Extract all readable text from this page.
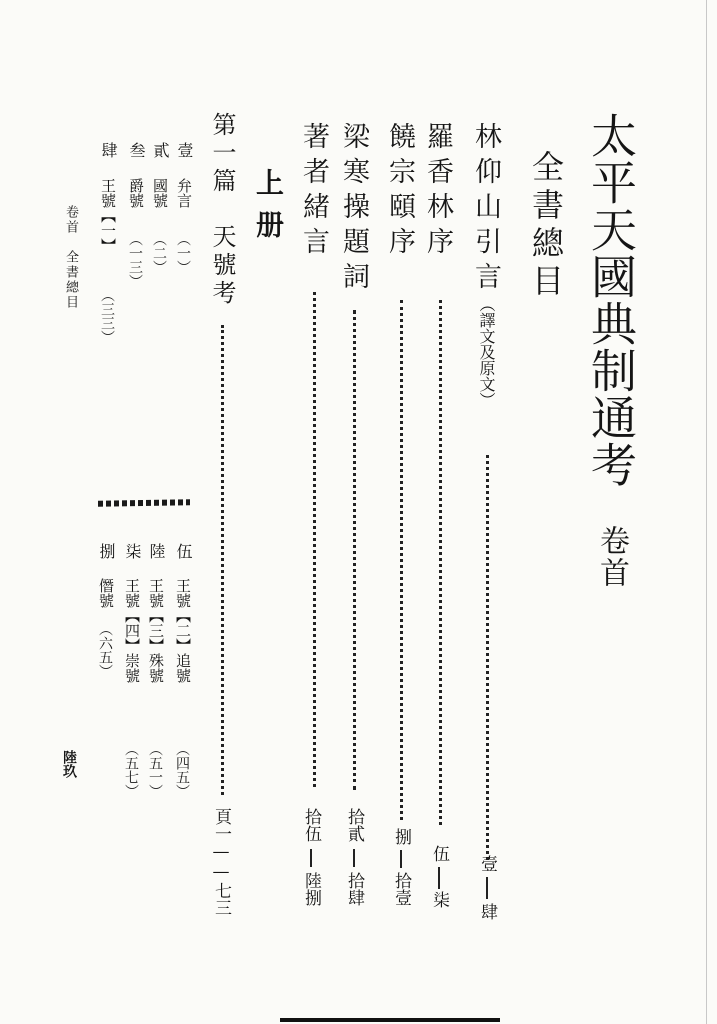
太平天國典制通考
卷首
全書總目
林仰山引言
（譯文及原文）
壹
肆
羅香林序
伍
柒
饒宗頤序
捌
拾壹
梁寒操題詞
拾貳
拾肆
著者緒言
拾伍
陸捌
上册
第一篇　天號考
頁一——七三
壹
弁言
（一）
貳
國號
（二）
叁
爵號
（一三）
肆
王號【一】
（三三）
伍
王號【二】追號
（四五）
陸
王號【三】殊號
（五一）
柒
王號【四】崇號
（五七）
捌
僭號
（六五）
卷首　全書總目
陸玖
